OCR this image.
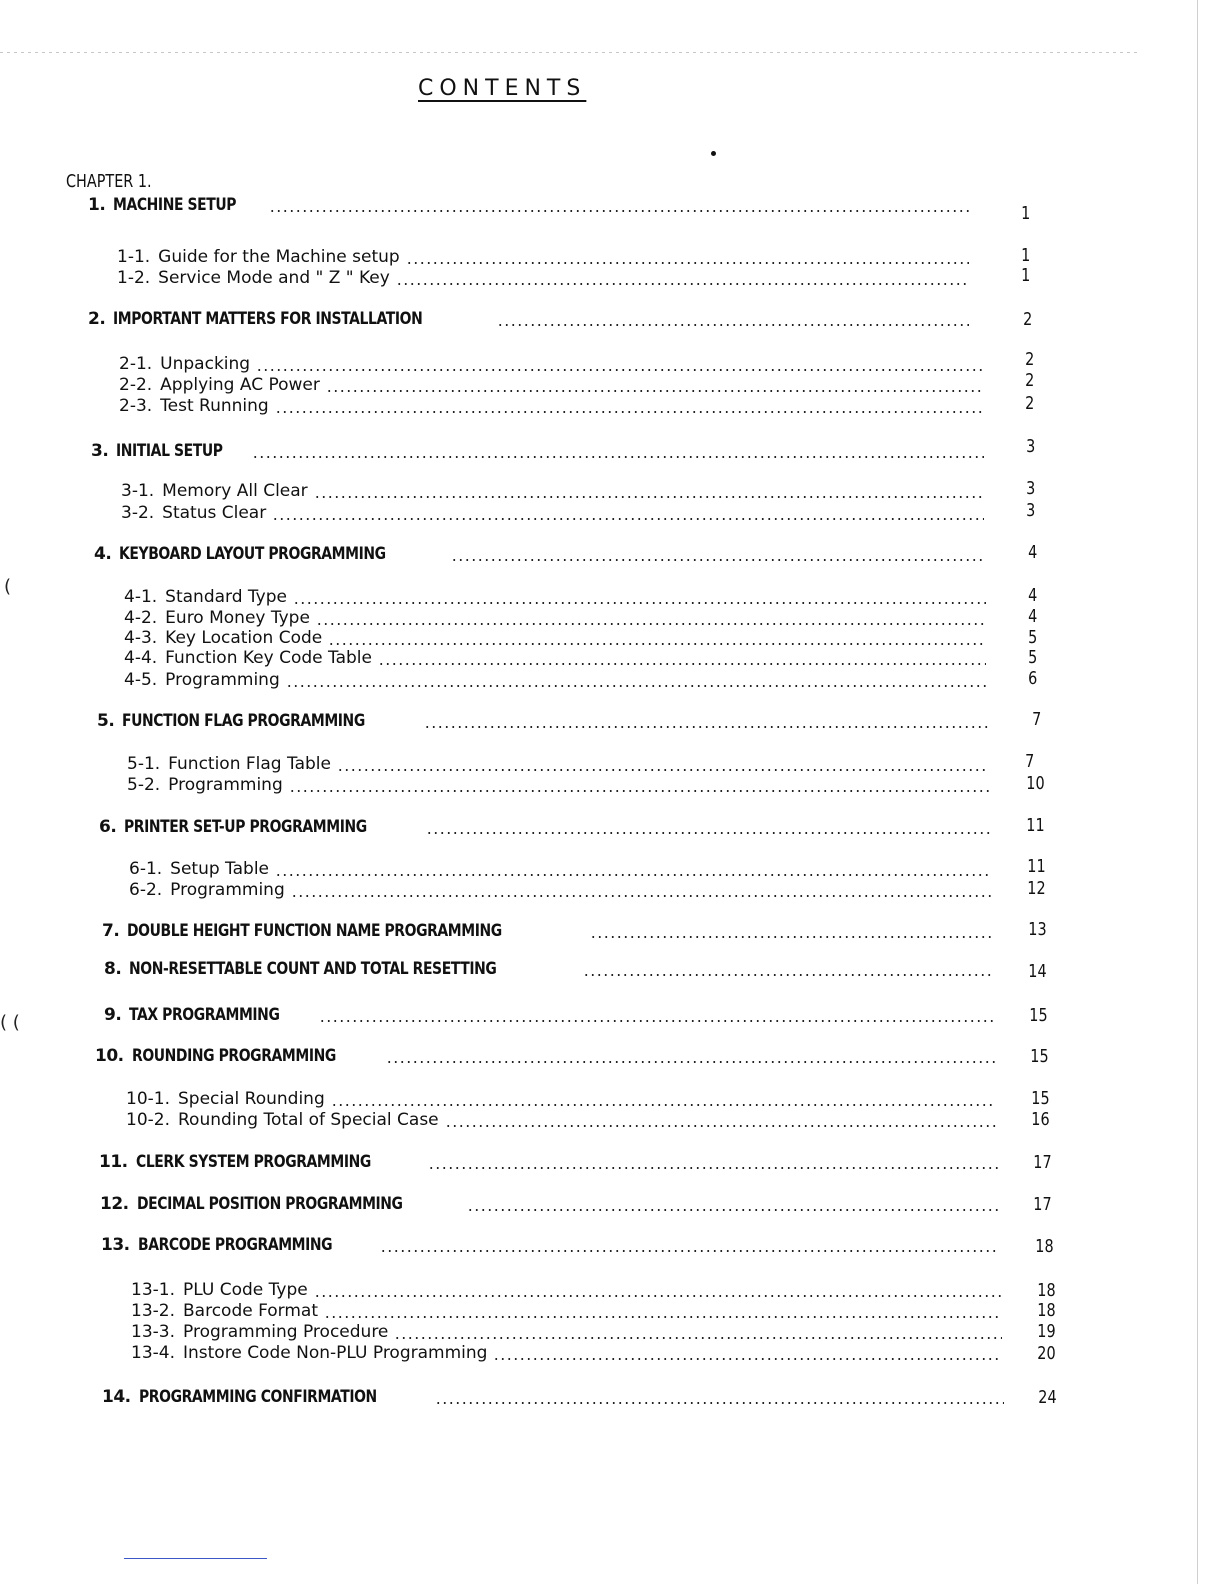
CONTENTS
CHAPTER 1.
(
( (
1. MACHINE SETUP	1
1-1. Guide for the Machine setup	1
1-2. Service Mode and " Z " Key	1
2. IMPORTANT MATTERS FOR INSTALLATION	2
2-1. Unpacking	2
2-2. Applying AC Power	2
2-3. Test Running	2
3. INITIAL SETUP	3
3-1. Memory All Clear	3
3-2. Status Clear	3
4. KEYBOARD LAYOUT PROGRAMMING	4
4-1. Standard Type	4
4-2. Euro Money Type	4
4-3. Key Location Code	5
4-4. Function Key Code Table	5
4-5. Programming	6
5. FUNCTION FLAG PROGRAMMING	7
5-1. Function Flag Table	7
5-2. Programming	10
6. PRINTER SET-UP PROGRAMMING	11
6-1. Setup Table	11
6-2. Programming	12
7. DOUBLE HEIGHT FUNCTION NAME PROGRAMMING	13
8. NON-RESETTABLE COUNT AND TOTAL RESETTING	14
9. TAX PROGRAMMING	15
10. ROUNDING PROGRAMMING	15
10-1. Special Rounding	15
10-2. Rounding Total of Special Case	16
11. CLERK SYSTEM PROGRAMMING	17
12. DECIMAL POSITION PROGRAMMING	17
13. BARCODE PROGRAMMING	18
13-1. PLU Code Type	18
13-2. Barcode Format	18
13-3. Programming Procedure	19
13-4. Instore Code Non-PLU Programming	20
14. PROGRAMMING CONFIRMATION	24
